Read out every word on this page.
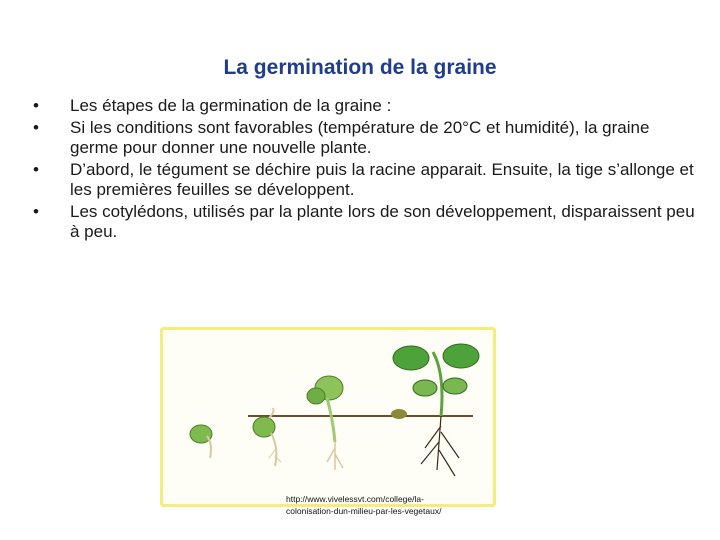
La germination de la graine
• Les étapes de la germination de la graine :
• Si les conditions sont favorables (température de 20°C et humidité), la graine germe pour donner une nouvelle plante.
• D’abord, le tégument se déchire puis la racine apparait. Ensuite, la tige s’allonge et les premières feuilles se développent.
• Les cotylédons, utilisés par la plante lors de son développement, disparaissent peu à peu.
http://www.vivelessvt.com/college/la-
colonisation-dun-milieu-par-les-vegetaux/
